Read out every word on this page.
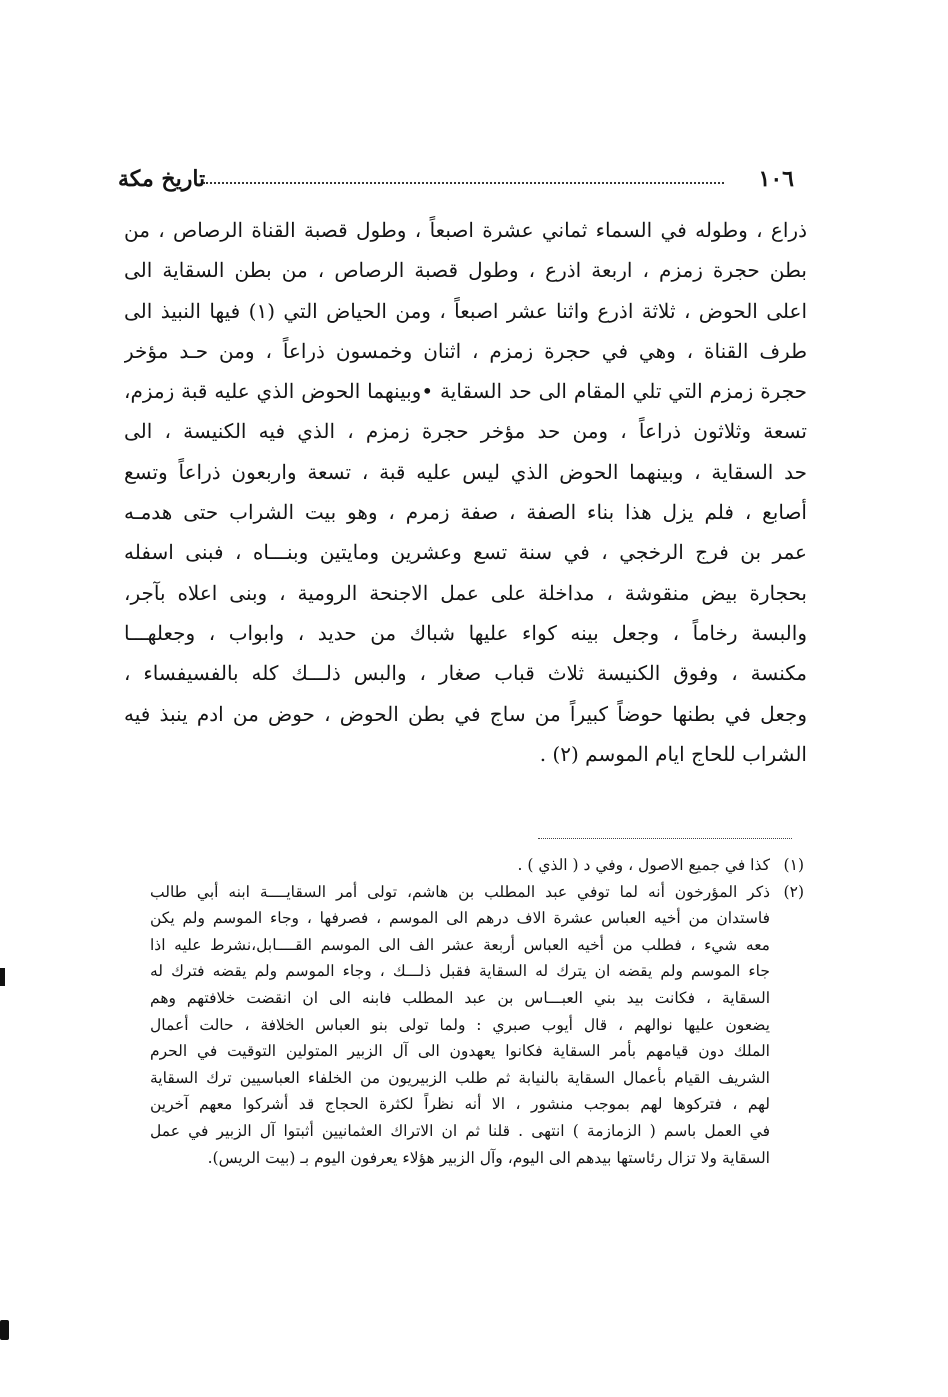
تاريخ مكة	١٠٦
ذراع ، وطوله في السماء ثماني عشرة اصبعاً ، وطول قصبة القناة الرصاص ، من
بطن حجرة زمزم ، اربعة اذرع ، وطول قصبة الرصاص ، من بطن السقاية الى
اعلى الحوض ، ثلاثة اذرع واثنا عشر اصبعاً ، ومن الحياض التي (١) فيها النبيذ الى
طرف القناة ، وهي في حجرة زمزم ، اثنان وخمسون ذراعاً ، ومن حـد مؤخر
حجرة زمزم التي تلي المقام الى حد السقاية •وبينهما الحوض الذي عليه قبة زمزم،
تسعة وثلاثون ذراعاً ، ومن حد مؤخر حجرة زمزم ، الذي فيه الكنيسة ، الى
حد السقاية ، وبينهما الحوض الذي ليس عليه قبة ، تسعة واربعون ذراعاً وتسع
أصابع ، فلم يزل هذا بناء الصفة ، صفة زمرم ، وهو بيت الشراب حتى هدمـه
عمر بن فرج الرخجي ، في سنة تسع وعشرين ومايتين وبنـــاه ، فبنى اسفله
بحجارة بيض منقوشة ، مداخلة على عمل الاجنحة الرومية ، وبنى اعلاه بآجر،
والبسة رخاماً ، وجعل بينه كواء عليها شباك من حديد ، وابواب ، وجعلهـــا
مكنسة ، وفوق الكنيسة ثلاث قباب صغار ، والبس ذلـــك كله بالفسيفساء ،
وجعل في بطنها حوضاً كبيراً من ساج في بطن الحوض ، حوض من ادم ينبذ فيه
الشراب للحاج ايام الموسم (٢) .
(١)
كذا في جميع الاصول ، وفي د ( الذي ) .
(٢)
ذكر المؤرخون أنه لما توفي عبد المطلب بن هاشم، تولى أمر السقايــــة ابنه أبي طالب
فاستدان من أخيه العباس عشرة الاف درهم الى الموسم ، فصرفها ، وجاء الموسم ولم يكن
معه شيء ، فطلب من أخيه العباس أربعة عشر الف الى الموسم القــــابل،نشرط عليه اذا
جاء الموسم ولم يقضه ان يترك له السقاية فقبل ذلـــك ، وجاء الموسم ولم يقضه فترك له
السقاية ، فكانت بيد بني العبـــاس بن عبد المطلب فابنه الى ان انقضت خلافتهم وهم
يضعون عليها نوالهم ، قال أيوب صبري : ولما تولى بنو العباس الخلافة ، حالت أعمال
الملك دون قيامهم بأمر السقاية فكانوا يعهدون الى آل الزبير المتولين التوقيت في الحرم
الشريف القيام بأعمال السقاية بالنيابة ثم طلب الزبيريون من الخلفاء العباسيين ترك السقاية
لهم ، فتركوها لهم بموجب منشور ، الا أنه نظراً لكثرة الحجاج قد أشركوا معهم آخرين
في العمل باسم ( الزمازمة ) انتهى . قلنا ثم ان الاتراك العثمانيين أثبتوا آل الزبير في عمل
السقاية ولا تزال رئاستها بيدهم الى اليوم، وآل الزبير هؤلاء يعرفون اليوم بـ (بيت الريس).
